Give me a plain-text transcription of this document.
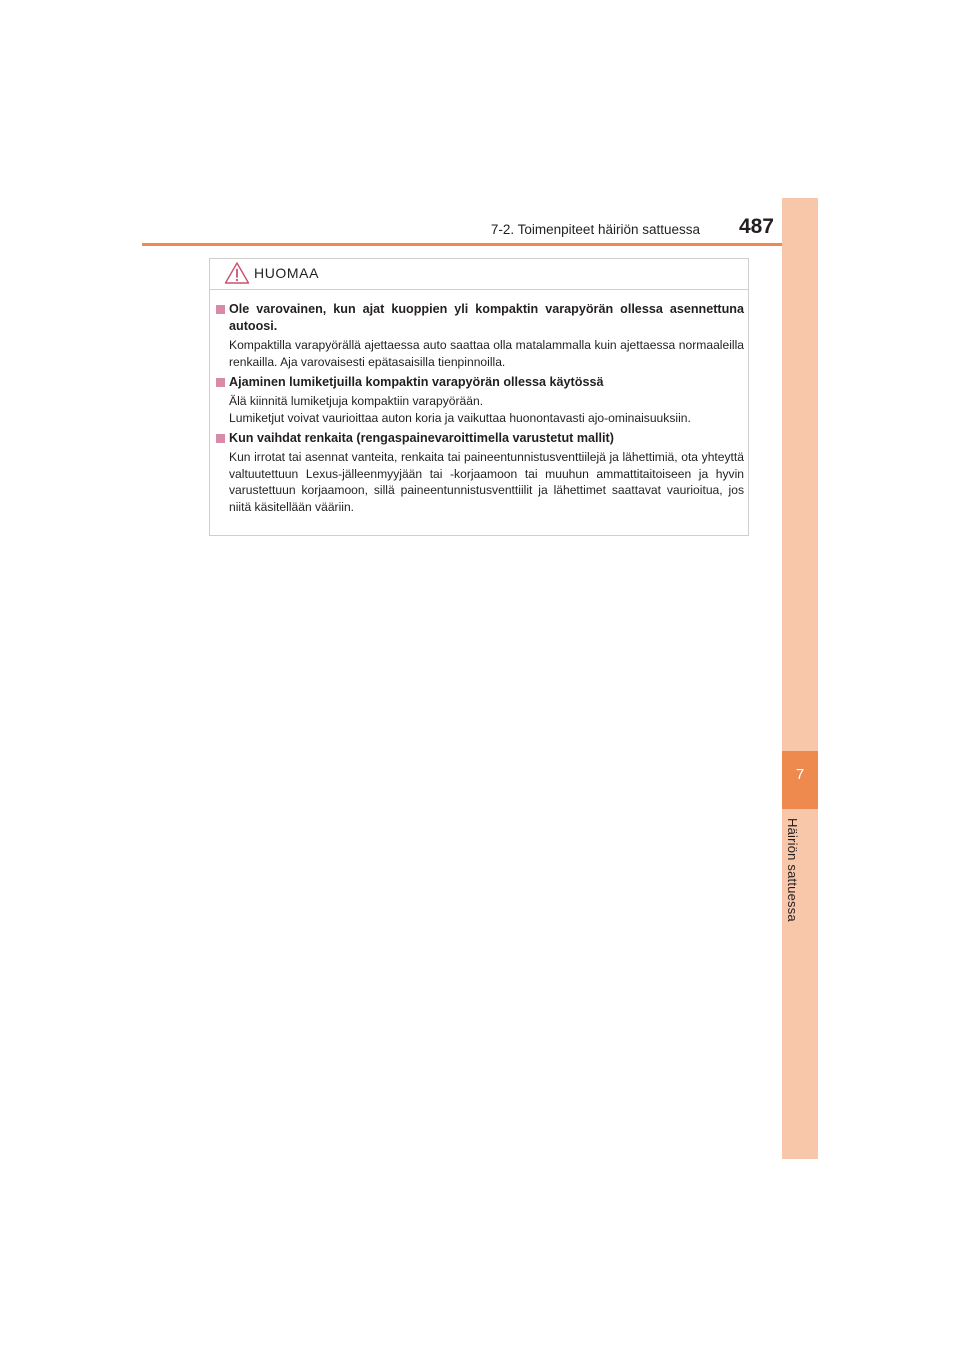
7-2. Toimenpiteet häiriön sattuessa	487
7
Häiriön sattuessa
HUOMAA
Ole varovainen, kun ajat kuoppien yli kompaktin varapyörän ollessa asennettuna autoosi.

Kompaktilla varapyörällä ajettaessa auto saattaa olla matalammalla kuin ajettaessa normaaleilla renkailla. Aja varovaisesti epätasaisilla tienpinnoilla.

Ajaminen lumiketjuilla kompaktin varapyörän ollessa käytössä

Älä kiinnitä lumiketjuja kompaktiin varapyörään.

Lumiketjut voivat vaurioittaa auton koria ja vaikuttaa huonontavasti ajo-ominaisuuksiin.

Kun vaihdat renkaita (rengaspainevaroittimella varustetut mallit)

Kun irrotat tai asennat vanteita, renkaita tai paineentunnistusventtiilejä ja lähettimiä, ota yhteyttä valtuutettuun Lexus-jälleenmyyjään tai -korjaamoon tai muuhun ammattitaitoiseen ja hyvin varustettuun korjaamoon, sillä paineentunnistusventtiilit ja lähettimet saattavat vaurioitua, jos niitä käsitellään vääriin.
